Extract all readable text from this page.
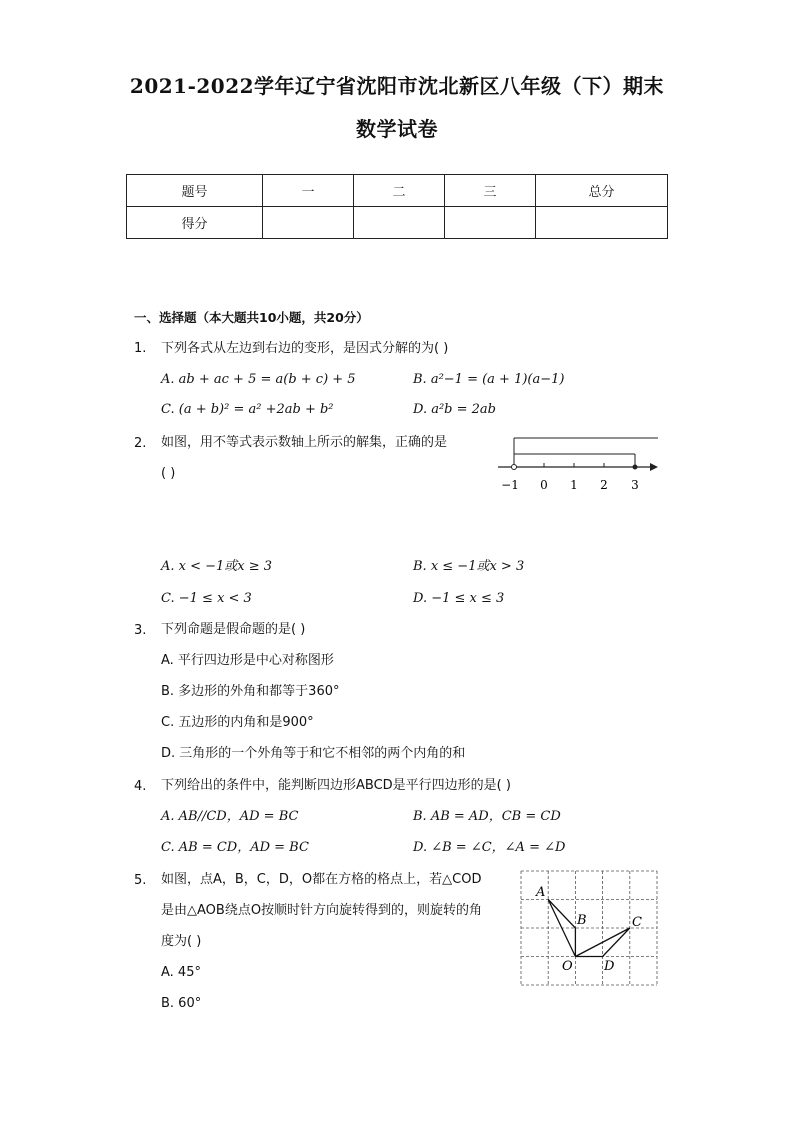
2021-2022学年辽宁省沈阳市沈北新区八年级（下）期末
数学试卷
题号	一	二	三	总分
得分				
一、选择题（本大题共10小题，共20分）
1. 下列各式从左边到右边的变形，是因式分解的为( )
A. ab + ac + 5 = a(b + c) + 5	B. a²−1 = (a + 1)(a−1)
C. (a + b)² = a² +2ab + b²	D. a²b = 2ab
2. 如图，用不等式表示数轴上所示的解集，正确的是
( )
−1 0 1 2 3
A. x < −1或x ≥ 3	B. x ≤ −1或x > 3
C. −1 ≤ x < 3	D. −1 ≤ x ≤ 3
3. 下列命题是假命题的是( )
A. 平行四边形是中心对称图形
B. 多边形的外角和都等于360°
C. 五边形的内角和是900°
D. 三角形的一个外角等于和它不相邻的两个内角的和
4. 下列给出的条件中，能判断四边形ABCD是平行四边形的是( )
A. AB//CD，AD = BC	B. AB = AD，CB = CD
C. AB = CD，AD = BC	D. ∠B = ∠C，∠A = ∠D
5. 如图，点A，B，C，D，O都在方格的格点上，若△COD
是由△AOB绕点O按顺时针方向旋转得到的，则旋转的角
度为( )
A. 45°
B. 60°
A
B	C
O D
